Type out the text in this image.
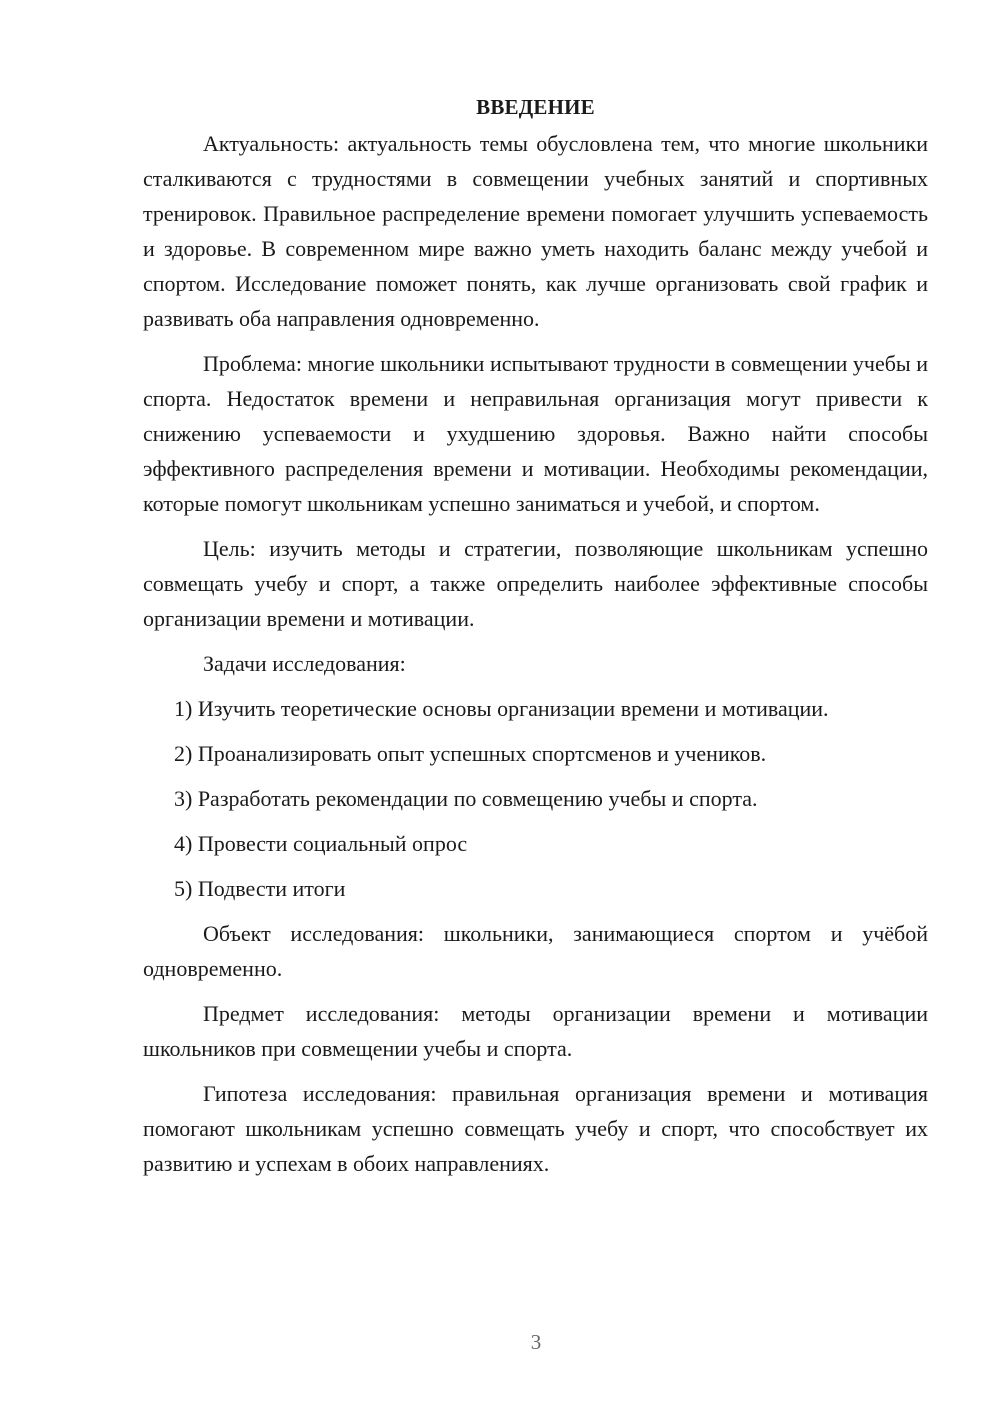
ВВЕДЕНИЕ

Актуальность: актуальность темы обусловлена тем, что многие школьники сталкиваются с трудностями в совмещении учебных занятий и спортивных тренировок. Правильное распределение времени помогает улучшить успеваемость и здоровье. В современном мире важно уметь находить баланс между учебой и спортом. Исследование поможет понять, как лучше организовать свой график и развивать оба направления одновременно.

Проблема: многие школьники испытывают трудности в совмещении учебы и спорта. Недостаток времени и неправильная организация могут привести к снижению успеваемости и ухудшению здоровья. Важно найти способы эффективного распределения времени и мотивации. Необходимы рекомендации, которые помогут школьникам успешно заниматься и учебой, и спортом.

Цель: изучить методы и стратегии, позволяющие школьникам успешно совмещать учебу и спорт, а также определить наиболее эффективные способы организации времени и мотивации.

Задачи исследования:

1) Изучить теоретические основы организации времени и мотивации.

2) Проанализировать опыт успешных спортсменов и учеников.

3) Разработать рекомендации по совмещению учебы и спорта.

4) Провести социальный опрос

5) Подвести итоги

Объект исследования: школьники, занимающиеся спортом и учёбой одновременно.

Предмет исследования: методы организации времени и мотивации школьников при совмещении учебы и спорта.

Гипотеза исследования: правильная организация времени и мотивация помогают школьникам успешно совмещать учебу и спорт, что способствует их развитию и успехам в обоих направлениях.

3
